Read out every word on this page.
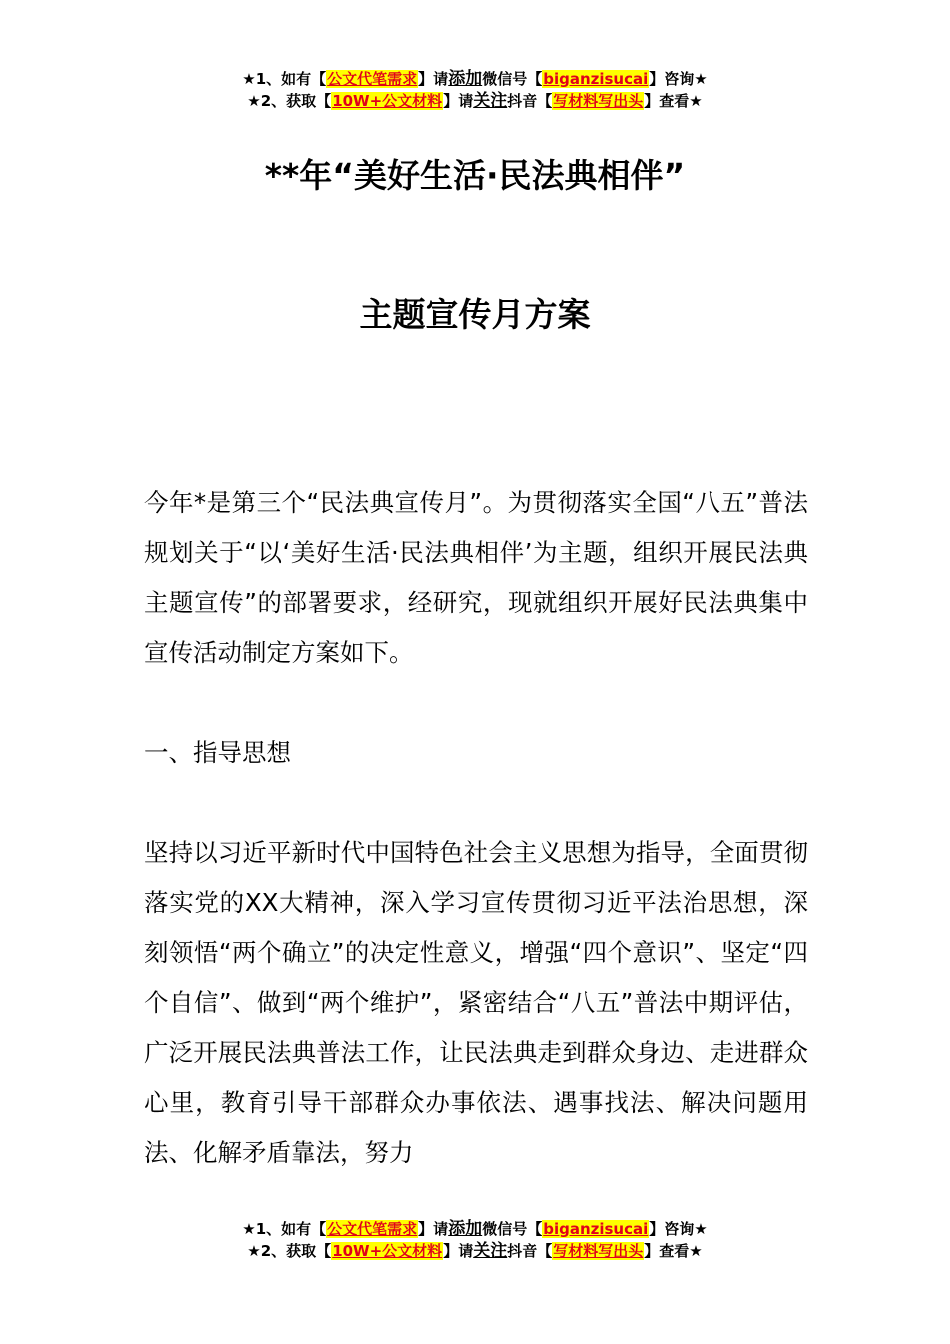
★1、如有【公文代笔需求】请添加微信号【biganzisucai】咨询★
★2、获取【10W+公文材料】请关注抖音【写材料写出头】查看★
**年“美好生活·民法典相伴”
主题宣传月方案
今年*是第三个“民法典宣传月”。为贯彻落实全国“八五”普法规划关于“以‘美好生活·民法典相伴’为主题，组织开展民法典主题宣传”的部署要求，经研究，现就组织开展好民法典集中宣传活动制定方案如下。
一、指导思想
坚持以习近平新时代中国特色社会主义思想为指导，全面贯彻落实党的XX大精神，深入学习宣传贯彻习近平法治思想，深刻领悟“两个确立”的决定性意义，增强“四个意识”、坚定“四个自信”、做到“两个维护”，紧密结合“八五”普法中期评估，广泛开展民法典普法工作，让民法典走到群众身边、走进群众心里，教育引导干部群众办事依法、遇事找法、解决问题用法、化解矛盾靠法，努力
★1、如有【公文代笔需求】请添加微信号【biganzisucai】咨询★
★2、获取【10W+公文材料】请关注抖音【写材料写出头】查看★
